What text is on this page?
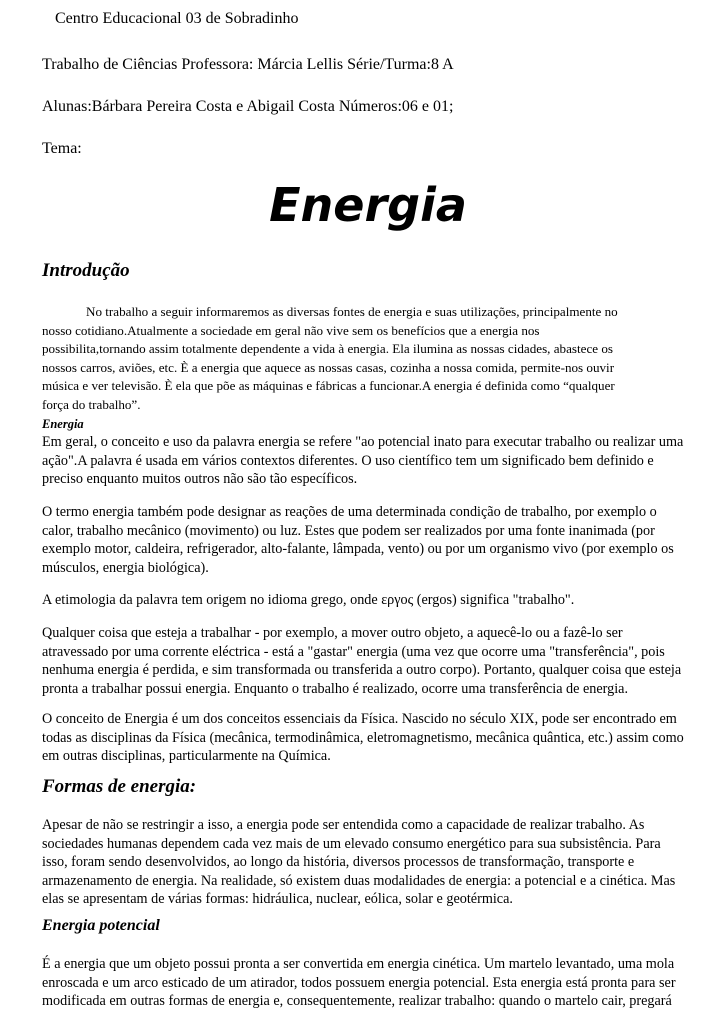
Centro Educacional 03 de Sobradinho
Trabalho de Ciências Professora: Márcia Lellis Série/Turma:8 A
Alunas:Bárbara Pereira Costa e Abigail Costa Números:06 e 01;
Tema:
Energia
Introdução
No trabalho a seguir informaremos as diversas fontes de energia e suas utilizações, principalmente no
nosso cotidiano.Atualmente a sociedade em geral não vive sem os benefícios que a energia nos
possibilita,tornando assim totalmente dependente a vida à energia. Ela ilumina as nossas cidades, abastece os
nossos carros, aviões, etc. È a energia que aquece as nossas casas, cozinha a nossa comida, permite-nos ouvir
música e ver televisão. È ela que põe as máquinas e fábricas a funcionar.A energia é definida como “qualquer
força do trabalho”.
Energia
Em geral, o conceito e uso da palavra energia se refere "ao potencial inato para executar trabalho ou realizar uma
ação".A palavra é usada em vários contextos diferentes. O uso científico tem um significado bem definido e
preciso enquanto muitos outros não são tão específicos.
O termo energia também pode designar as reações de uma determinada condição de trabalho, por exemplo o
calor, trabalho mecânico (movimento) ou luz. Estes que podem ser realizados por uma fonte inanimada (por
exemplo motor, caldeira, refrigerador, alto-falante, lâmpada, vento) ou por um organismo vivo (por exemplo os
músculos, energia biológica).
A etimologia da palavra tem origem no idioma grego, onde εργος (ergos) significa "trabalho".
Qualquer coisa que esteja a trabalhar - por exemplo, a mover outro objeto, a aquecê-lo ou a fazê-lo ser
atravessado por uma corrente eléctrica - está a "gastar" energia (uma vez que ocorre uma "transferência", pois
nenhuma energia é perdida, e sim transformada ou transferida a outro corpo). Portanto, qualquer coisa que esteja
pronta a trabalhar possui energia. Enquanto o trabalho é realizado, ocorre uma transferência de energia.
O conceito de Energia é um dos conceitos essenciais da Física. Nascido no século XIX, pode ser encontrado em
todas as disciplinas da Física (mecânica, termodinâmica, eletromagnetismo, mecânica quântica, etc.) assim como
em outras disciplinas, particularmente na Química.
Formas de energia:
Apesar de não se restringir a isso, a energia pode ser entendida como a capacidade de realizar trabalho. As
sociedades humanas dependem cada vez mais de um elevado consumo energético para sua subsistência. Para
isso, foram sendo desenvolvidos, ao longo da história, diversos processos de transformação, transporte e
armazenamento de energia. Na realidade, só existem duas modalidades de energia: a potencial e a cinética. Mas
elas se apresentam de várias formas: hidráulica, nuclear, eólica, solar e geotérmica.
Energia potencial
É a energia que um objeto possui pronta a ser convertida em energia cinética. Um martelo levantado, uma mola
enroscada e um arco esticado de um atirador, todos possuem energia potencial. Esta energia está pronta para ser
modificada em outras formas de energia e, consequentemente, realizar trabalho: quando o martelo cair, pregará
